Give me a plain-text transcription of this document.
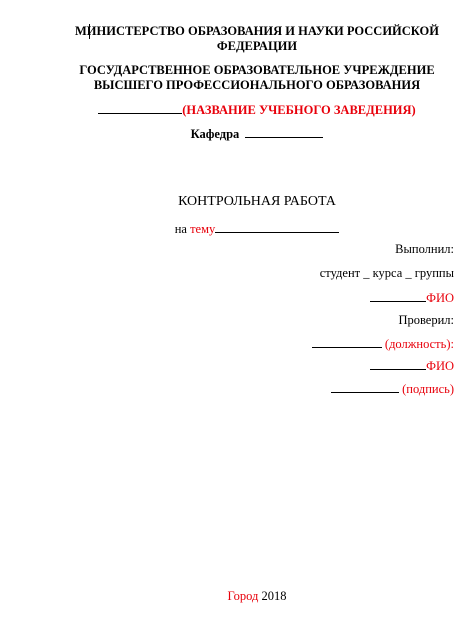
МИНИСТЕРСТВО ОБРАЗОВАНИЯ И НАУКИ РОССИЙСКОЙ
ФЕДЕРАЦИИ
ГОСУДАРСТВЕННОЕ ОБРАЗОВАТЕЛЬНОЕ УЧРЕЖДЕНИЕ
ВЫСШЕГО ПРОФЕССИОНАЛЬНОГО ОБРАЗОВАНИЯ
(НАЗВАНИЕ УЧЕБНОГО ЗАВЕДЕНИЯ)
Кафедра
КОНТРОЛЬНАЯ РАБОТА
на тему
Выполнил:
студент _ курса _ группы
ФИО
Проверил:
(должность):
ФИО
(подпись)
Город 2018
